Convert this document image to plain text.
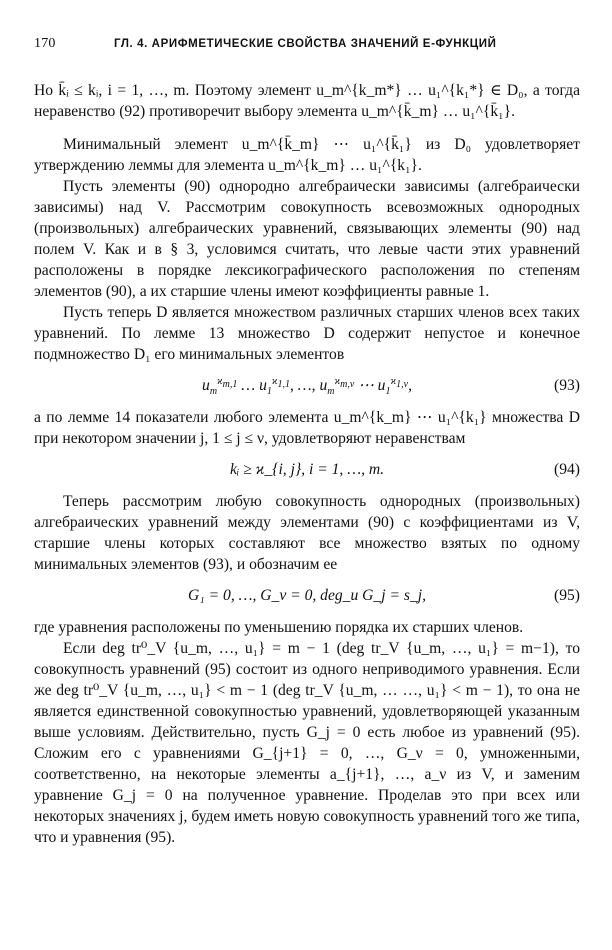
170	ГЛ. 4. АРИФМЕТИЧЕСКИЕ СВОЙСТВА ЗНАЧЕНИЙ E-ФУНКЦИЙ

Но k̄ᵢ ≤ kᵢ, i = 1, …, m. Поэтому элемент u_m^{k_m*} … u₁^{k₁*} ∈ D₀, а тогда неравенство (92) противоречит выбору элемента u_m^{k̄_m} … u₁^{k̄₁}.

Минимальный элемент u_m^{k̄_m} ⋯ u₁^{k̄₁} из D₀ удовлетворяет утверждению леммы для элемента u_m^{k_m} … u₁^{k₁}.

Пусть элементы (90) однородно алгебраически зависимы (алгебраически зависимы) над V. Рассмотрим совокупность всевозможных однородных (произвольных) алгебраических уравнений, связывающих элементы (90) над полем V. Как и в § 3, условимся считать, что левые части этих уравнений расположены в порядке лексикографического расположения по степеням элементов (90), а их старшие члены имеют коэффициенты равные 1.

Пусть теперь D является множеством различных старших членов всех таких уравнений. По лемме 13 множество D содержит непустое и конечное подмножество D₁ его минимальных элементов

$u_m^{ϰ_{m,1}}$ … $u_1^{ϰ_{1,1}}$, …, $u_m^{ϰ_{m,\nu}}$ ⋯ $u_1^{ϰ_{1,\nu}}$,	(93)

а по лемме 14 показатели любого элемента u_m^{k_m} ⋯ u₁^{k₁} множества D при некотором значении j, 1 ≤ j ≤ ν, удовлетворяют неравенствам

kᵢ ≥ ϰ_{i, j}, i = 1, …, m.	(94)

Теперь рассмотрим любую совокупность однородных (произвольных) алгебраических уравнений между элементами (90) с коэффициентами из V, старшие члены которых составляют все множество взятых по одному минимальных элементов (93), и обозначим ее

G₁ = 0, …, G_ν = 0, deg_u G_j = s_j,	(95)

где уравнения расположены по уменьшению порядка их старших членов.

Если deg tr⁰_V {u_m, …, u₁} = m − 1 (deg tr_V {u_m, …, u₁} = m−1), то совокупность уравнений (95) состоит из одного неприводимого уравнения. Если же deg tr⁰_V {u_m, …, u₁} < m − 1 (deg tr_V {u_m, … …, u₁} < m − 1), то она не является единственной совокупностью уравнений, удовлетворяющей указанным выше условиям. Действительно, пусть G_j = 0 есть любое из уравнений (95). Сложим его с уравнениями G_{j+1} = 0, …, G_ν = 0, умноженными, соответственно, на некоторые элементы a_{j+1}, …, a_ν из V, и заменим уравнение G_j = 0 на полученное уравнение. Проделав это при всех или некоторых значениях j, будем иметь новую совокупность уравнений того же типа, что и уравнения (95).
